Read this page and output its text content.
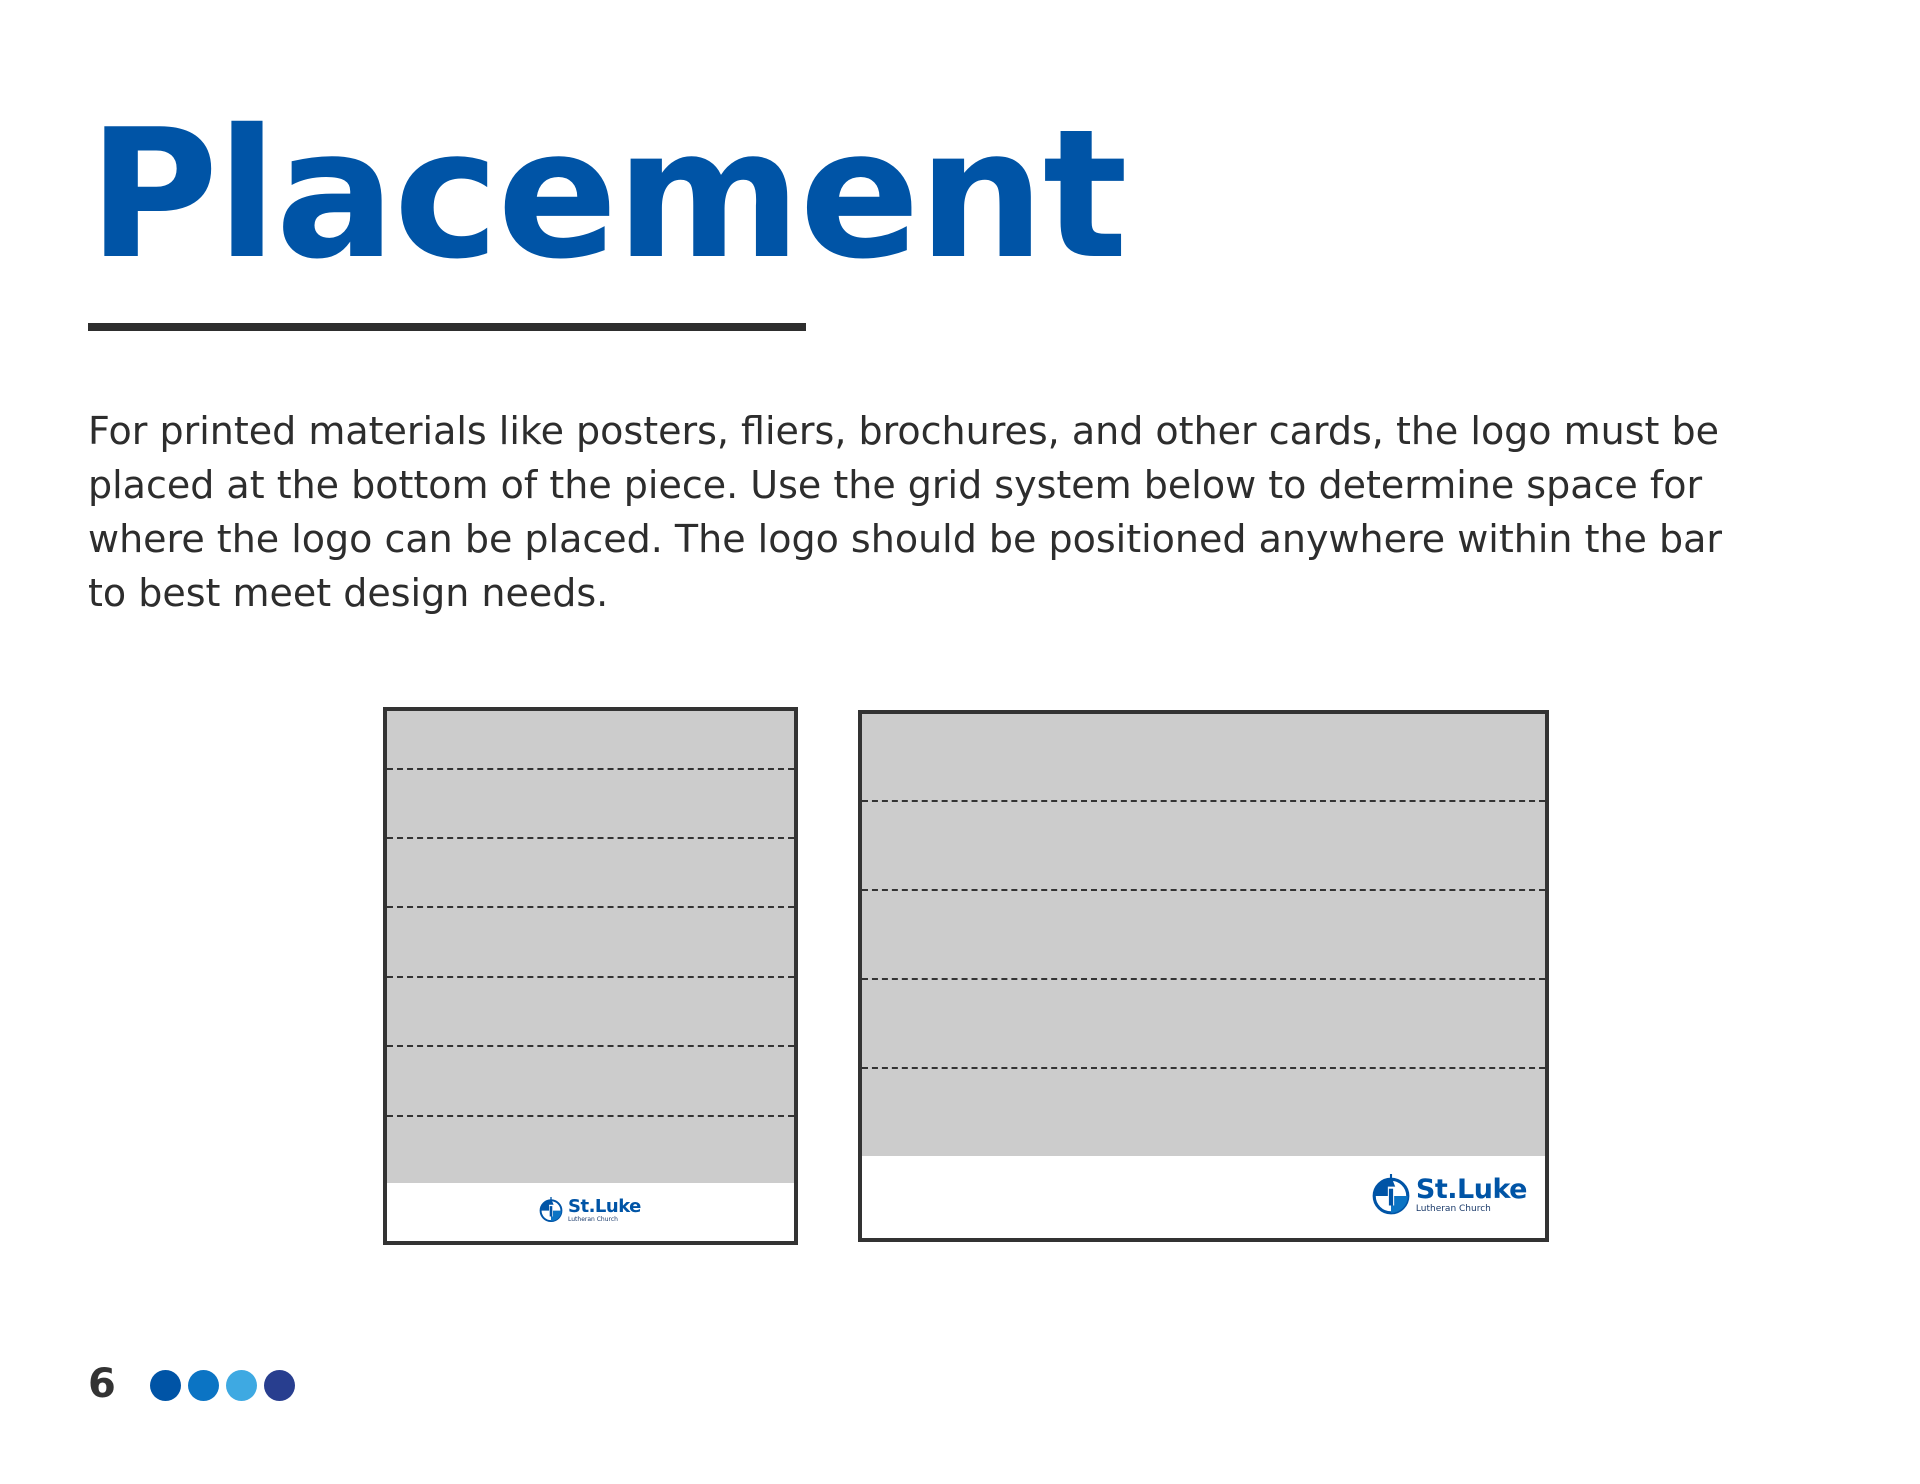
Placement

For printed materials like posters, fliers, brochures, and other cards, the logo must be placed at the bottom of the piece. Use the grid system below to determine space for where the logo can be placed. The logo should be positioned anywhere within the bar to best meet design needs.

St.Luke
Lutheran Church
St.Luke
Lutheran Church
6
